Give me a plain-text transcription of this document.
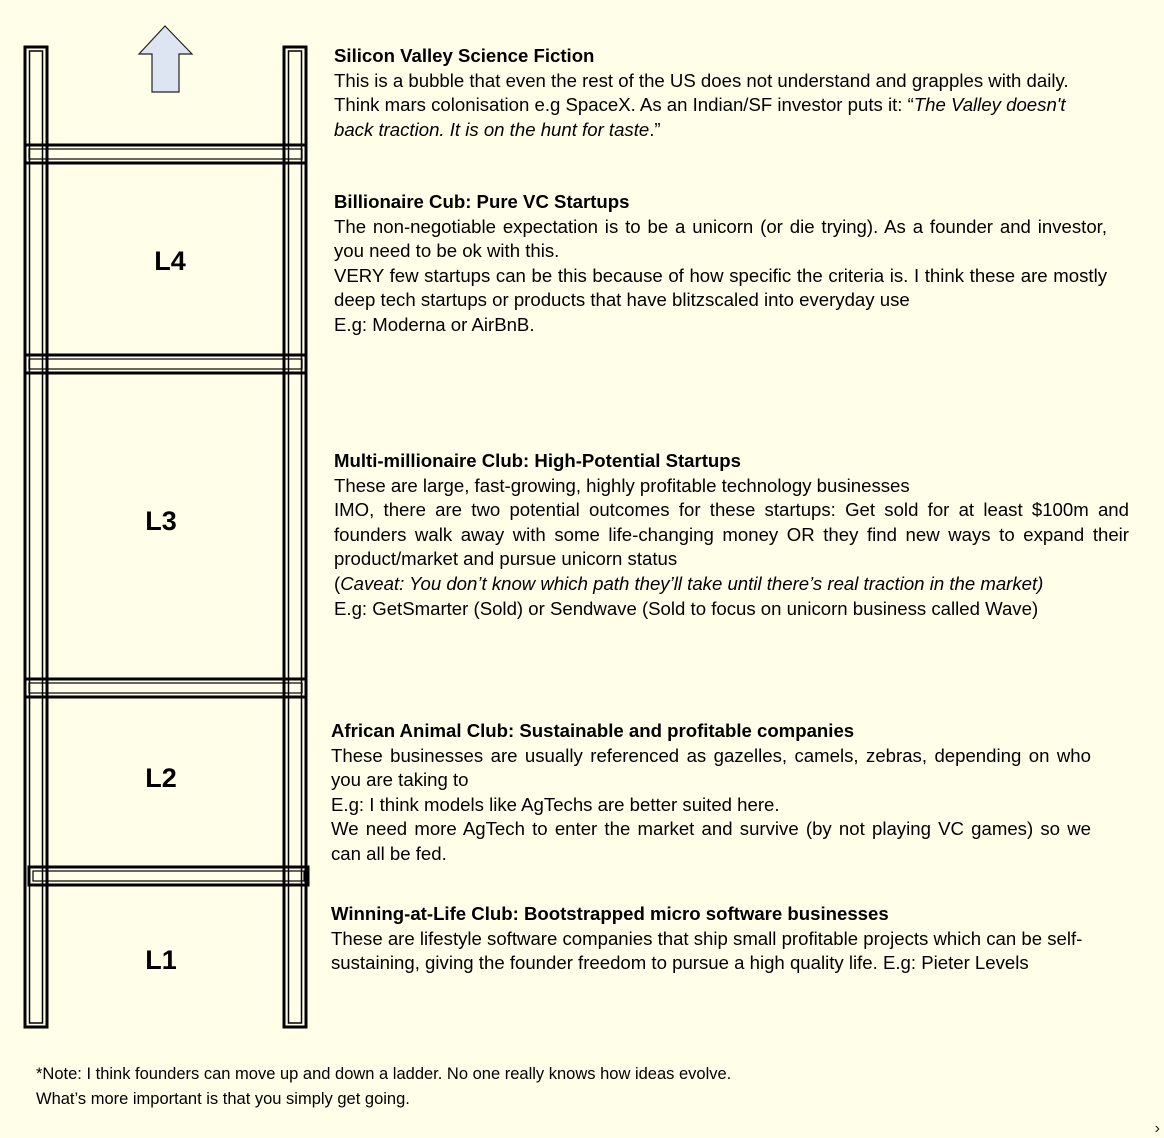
L4
L3
L2
L1
Silicon Valley Science Fiction

This is a bubble that even the rest of the US does not understand and grapples with daily. Think mars colonisation e.g SpaceX. As an Indian/SF investor puts it: “The Valley doesn't back traction. It is on the hunt for taste.”

Billionaire Cub: Pure VC Startups

The non-negotiable expectation is to be a unicorn (or die trying). As a founder and investor, you need to be ok with this.

VERY few startups can be this because of how specific the criteria is. I think these are mostly deep tech startups or products that have blitzscaled into everyday use

E.g: Moderna or AirBnB.

Multi-millionaire Club: High-Potential Startups

These are large, fast-growing, highly profitable technology businesses

IMO, there are two potential outcomes for these startups: Get sold for at least $100m and founders walk away with some life-changing money OR they find new ways to expand their product/market and pursue unicorn status

(Caveat: You don’t know which path they’ll take until there’s real traction in the market)

E.g: GetSmarter (Sold) or Sendwave (Sold to focus on unicorn business called Wave)

African Animal Club: Sustainable and profitable companies

These businesses are usually referenced as gazelles, camels, zebras, depending on who you are taking to

E.g: I think models like AgTechs are better suited here.

We need more AgTech to enter the market and survive (by not playing VC games) so we can all be fed.

Winning-at-Life Club: Bootstrapped micro software businesses

These are lifestyle software companies that ship small profitable projects which can be self-sustaining, giving the founder freedom to pursue a high quality life. E.g: Pieter Levels

*Note: I think founders can move up and down a ladder. No one really knows how ideas evolve. What’s more important is that you simply get going.
›
